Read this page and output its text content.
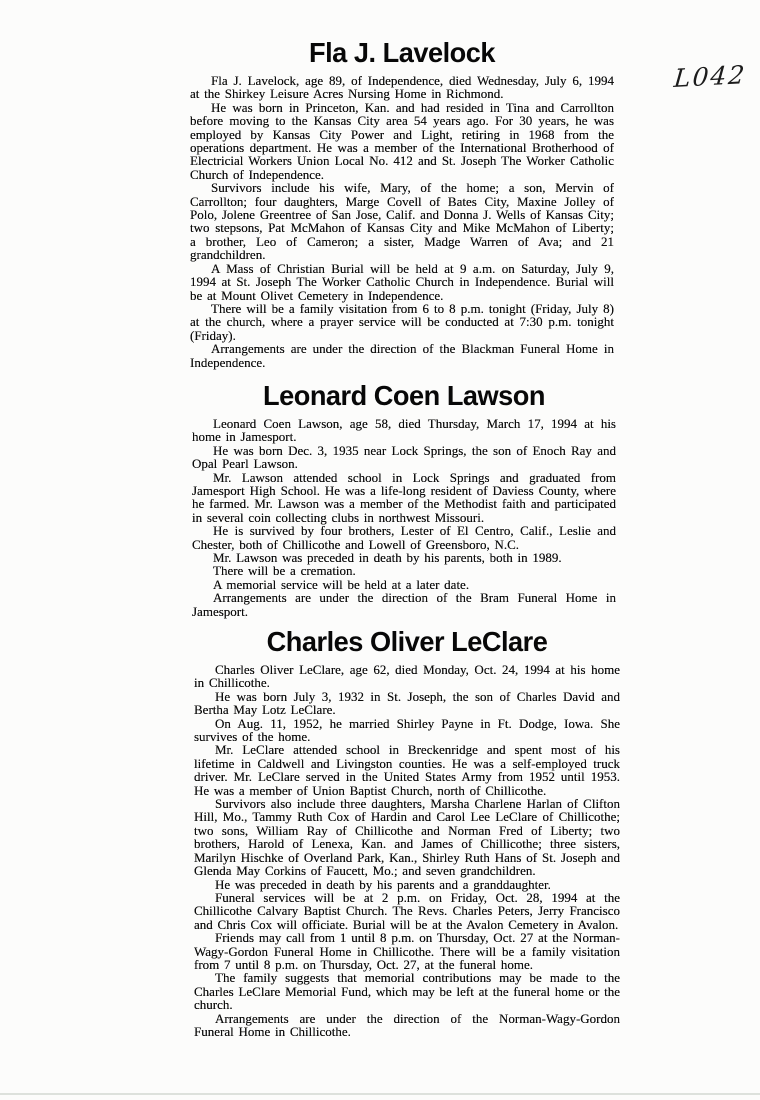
L042
Fla J. Lavelock

Fla J. Lavelock, age 89, of Independence, died Wednesday, July 6, 1994 at the Shirkey Leisure Acres Nursing Home in Richmond.

He was born in Princeton, Kan. and had resided in Tina and Carrollton before moving to the Kansas City area 54 years ago. For 30 years, he was employed by Kansas City Power and Light, retiring in 1968 from the operations department. He was a member of the International Brotherhood of Electricial Workers Union Local No. 412 and St. Joseph The Worker Catholic Church of Independence.

Survivors include his wife, Mary, of the home; a son, Mervin of Carrollton; four daughters, Marge Covell of Bates City, Maxine Jolley of Polo, Jolene Greentree of San Jose, Calif. and Donna J. Wells of Kansas City; two stepsons, Pat McMahon of Kansas City and Mike McMahon of Liberty; a brother, Leo of Cameron; a sister, Madge Warren of Ava; and 21 grandchildren.

A Mass of Christian Burial will be held at 9 a.m. on Saturday, July 9, 1994 at St. Joseph The Worker Catholic Church in Independence. Burial will be at Mount Olivet Cemetery in Independence.

There will be a family visitation from 6 to 8 p.m. tonight (Friday, July 8) at the church, where a prayer service will be conducted at 7:30 p.m. tonight (Friday).

Arrangements are under the direction of the Blackman Funeral Home in Independence.

Leonard Coen Lawson

Leonard Coen Lawson, age 58, died Thursday, March 17, 1994 at his home in Jamesport.

He was born Dec. 3, 1935 near Lock Springs, the son of Enoch Ray and Opal Pearl Lawson.

Mr. Lawson attended school in Lock Springs and graduated from Jamesport High School. He was a life-long resident of Daviess County, where he farmed. Mr. Lawson was a member of the Methodist faith and participated in several coin collecting clubs in northwest Missouri.

He is survived by four brothers, Lester of El Centro, Calif., Leslie and Chester, both of Chillicothe and Lowell of Greensboro, N.C.

Mr. Lawson was preceded in death by his parents, both in 1989.

There will be a cremation.

A memorial service will be held at a later date.

Arrangements are under the direction of the Bram Funeral Home in Jamesport.

Charles Oliver LeClare

Charles Oliver LeClare, age 62, died Monday, Oct. 24, 1994 at his home in Chillicothe.

He was born July 3, 1932 in St. Joseph, the son of Charles David and Bertha May Lotz LeClare.

On Aug. 11, 1952, he married Shirley Payne in Ft. Dodge, Iowa. She survives of the home.

Mr. LeClare attended school in Breckenridge and spent most of his lifetime in Caldwell and Livingston counties. He was a self-employed truck driver. Mr. LeClare served in the United States Army from 1952 until 1953. He was a member of Union Baptist Church, north of Chillicothe.

Survivors also include three daughters, Marsha Charlene Harlan of Clifton Hill, Mo., Tammy Ruth Cox of Hardin and Carol Lee LeClare of Chillicothe; two sons, William Ray of Chillicothe and Norman Fred of Liberty; two brothers, Harold of Lenexa, Kan. and James of Chillicothe; three sisters, Marilyn Hischke of Overland Park, Kan., Shirley Ruth Hans of St. Joseph and Glenda May Corkins of Faucett, Mo.; and seven grandchildren.

He was preceded in death by his parents and a granddaughter.

Funeral services will be at 2 p.m. on Friday, Oct. 28, 1994 at the Chillicothe Calvary Baptist Church. The Revs. Charles Peters, Jerry Francisco and Chris Cox will officiate. Burial will be at the Avalon Cemetery in Avalon.

Friends may call from 1 until 8 p.m. on Thursday, Oct. 27 at the Norman-Wagy-Gordon Funeral Home in Chillicothe. There will be a family visitation from 7 until 8 p.m. on Thursday, Oct. 27, at the funeral home.

The family suggests that memorial contributions may be made to the Charles LeClare Memorial Fund, which may be left at the funeral home or the church.

Arrangements are under the direction of the Norman-Wagy-Gordon Funeral Home in Chillicothe.
